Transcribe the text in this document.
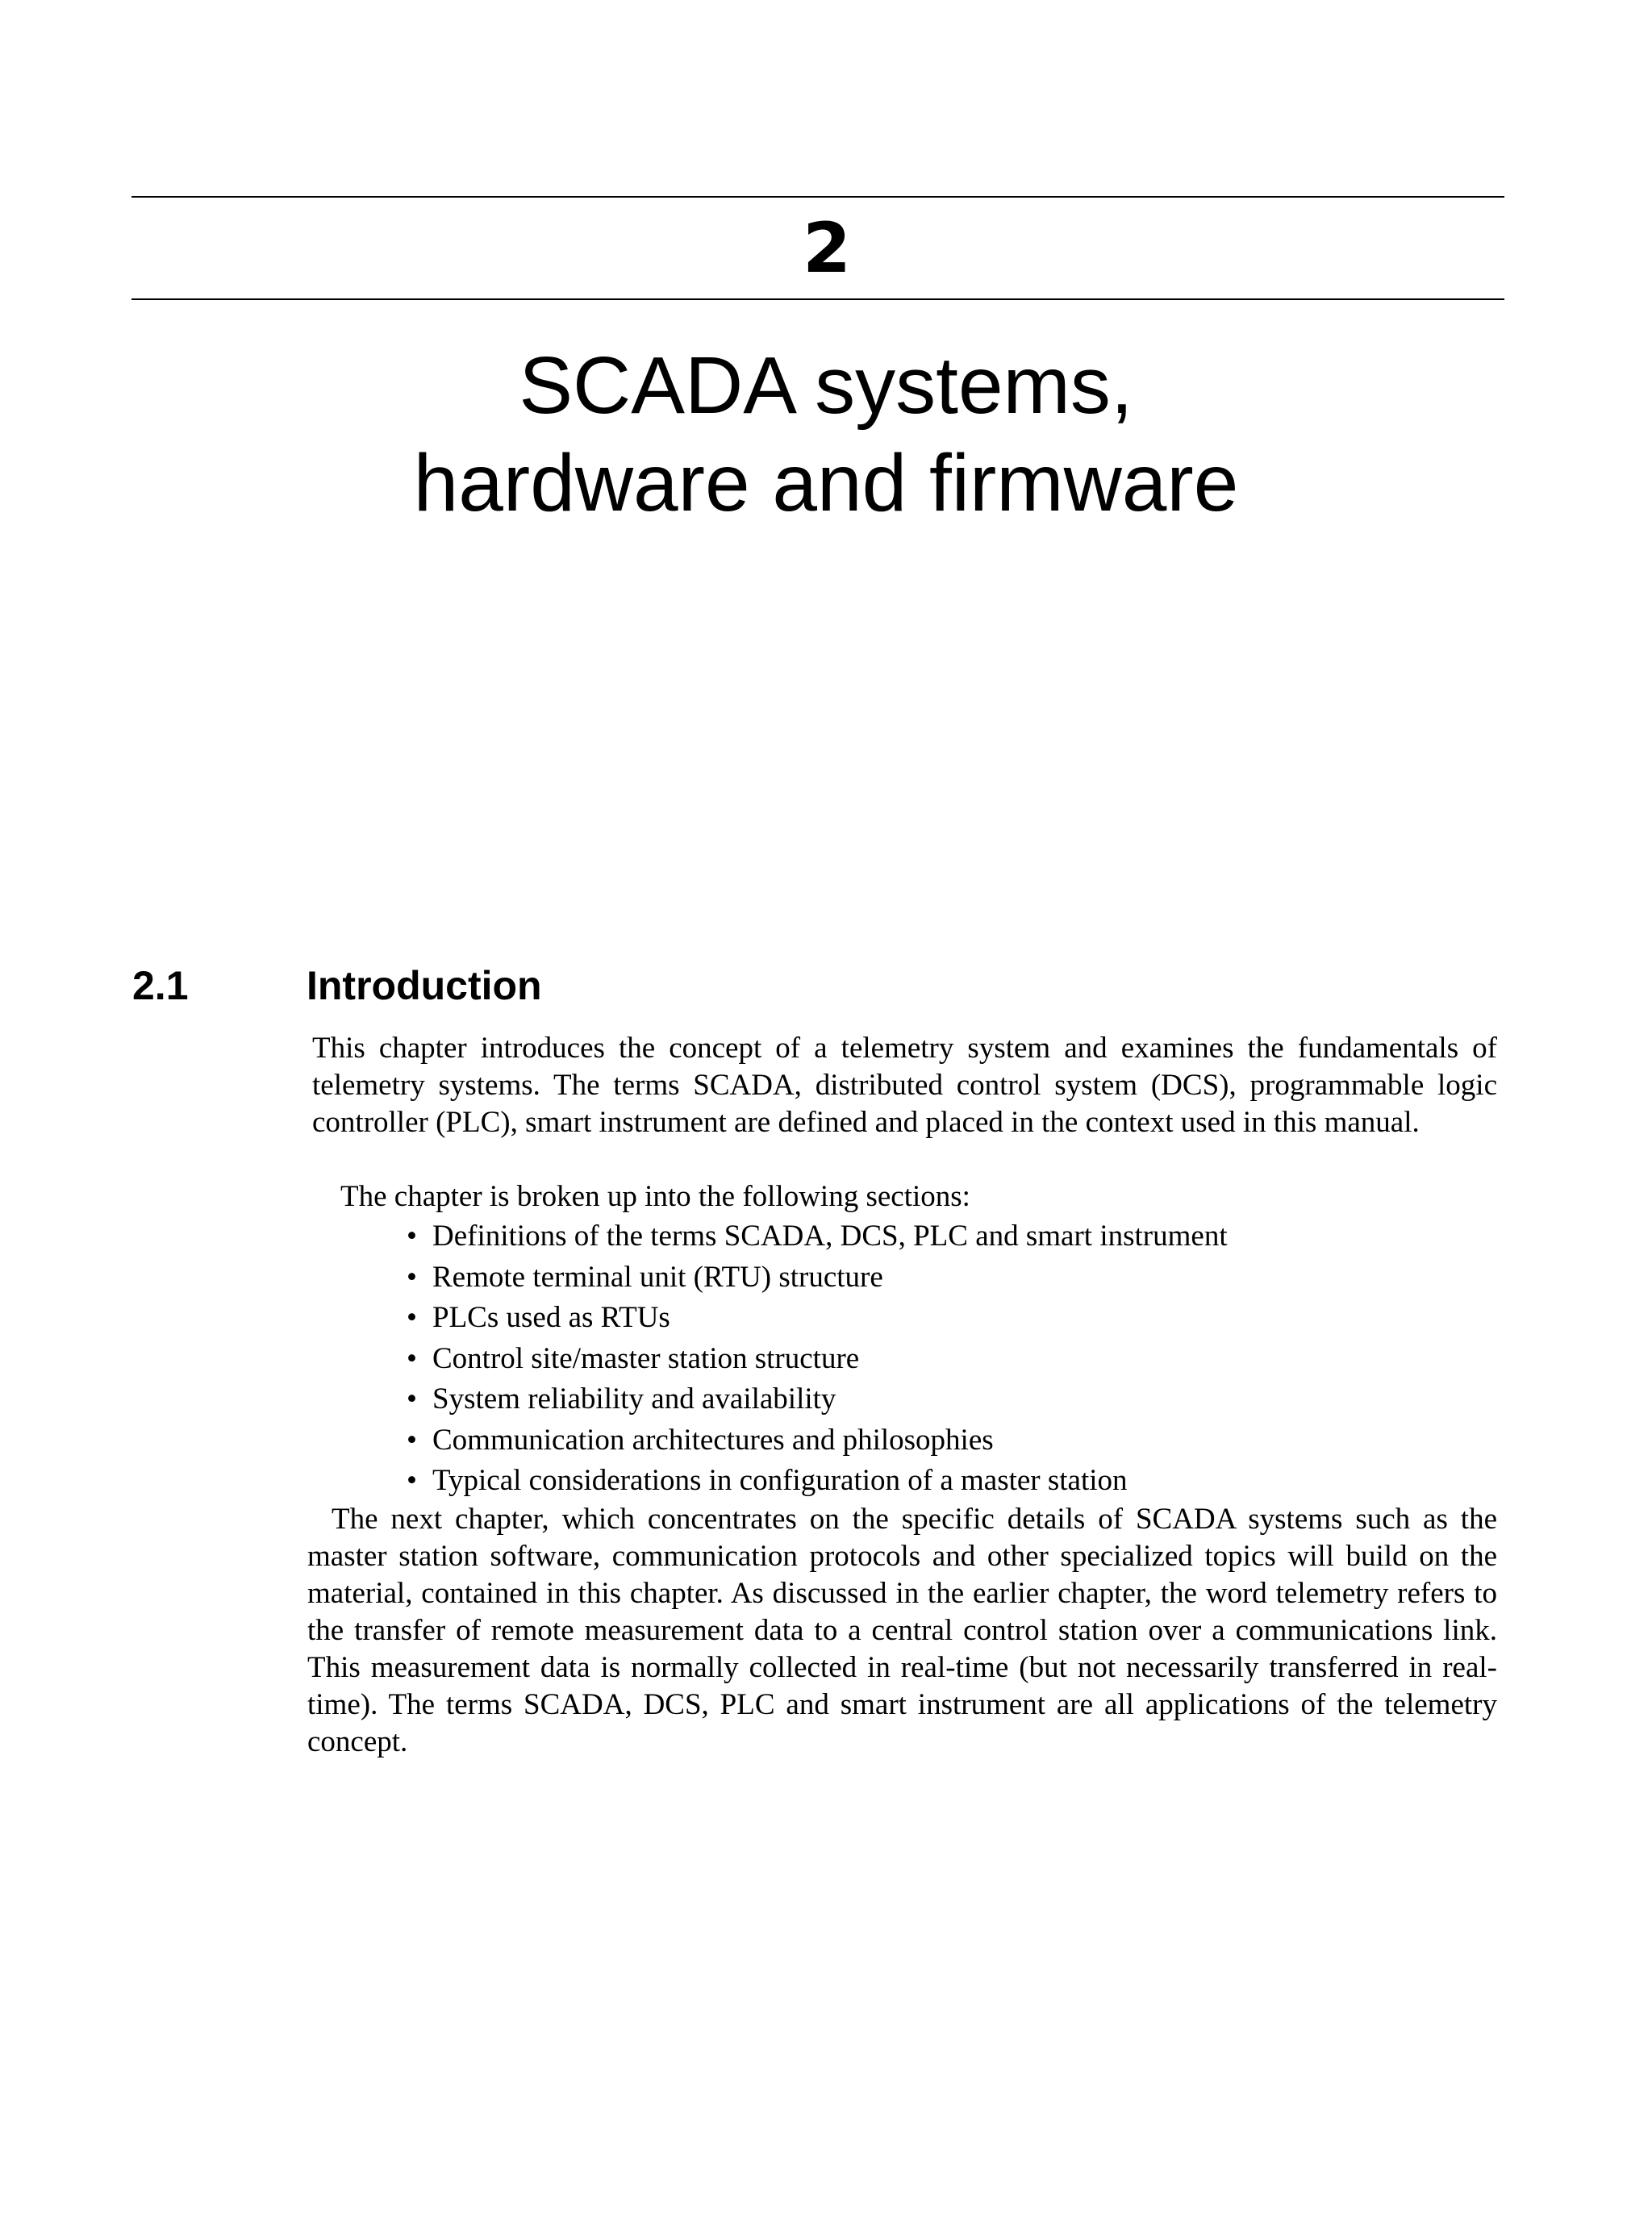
2
SCADA systems,
hardware and firmware
2.1	Introduction

This chapter introduces the concept of a telemetry system and examines the fundamentals of telemetry systems. The terms SCADA, distributed control system (DCS), programmable logic controller (PLC), smart instrument are defined and placed in the context used in this manual.

The chapter is broken up into the following sections:

• Definitions of the terms SCADA, DCS, PLC and smart instrument
• Remote terminal unit (RTU) structure
• PLCs used as RTUs
• Control site/master station structure
• System reliability and availability
• Communication architectures and philosophies
• Typical considerations in configuration of a master station

The next chapter, which concentrates on the specific details of SCADA systems such as the master station software, communication protocols and other specialized topics will build on the material, contained in this chapter. As discussed in the earlier chapter, the word telemetry refers to the transfer of remote measurement data to a central control station over a communications link. This measurement data is normally collected in real-time (but not necessarily transferred in real-time). The terms SCADA, DCS, PLC and smart instrument are all applications of the telemetry concept.
